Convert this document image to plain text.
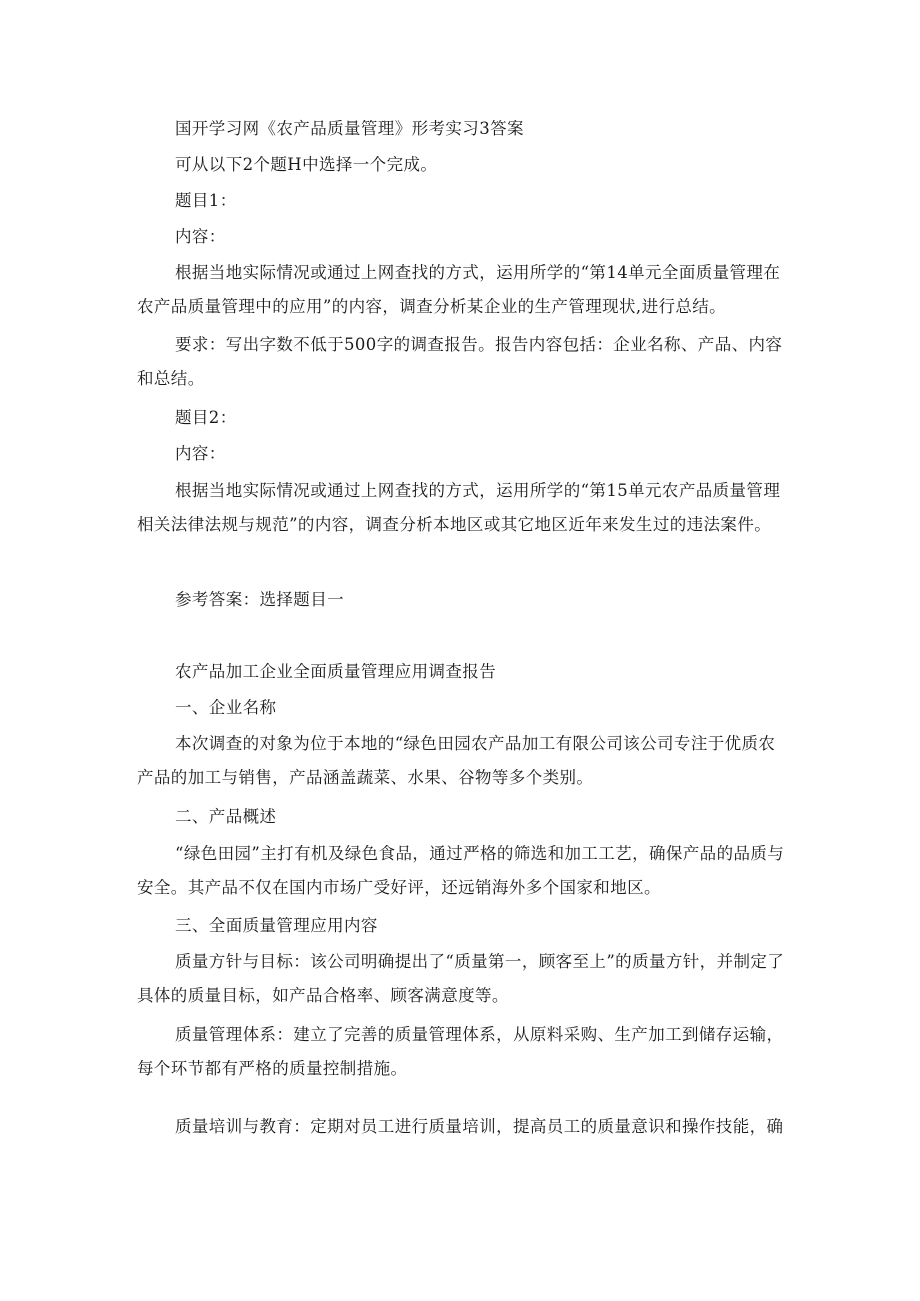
国开学习网《农产品质量管理》形考实习3答案

可从以下2个题H中选择一个完成。

题目1：

内容：

根据当地实际情况或通过上网查找的方式，运用所学的“第14单元全面质量管理在农产品质量管理中的应用”的内容，调查分析某企业的生产管理现状,进行总结。

要求：写出字数不低于500字的调查报告。报告内容包括：企业名称、产品、内容和总结。

题目2：

内容：

根据当地实际情况或通过上网查找的方式，运用所学的“第15单元农产品质量管理相关法律法规与规范”的内容，调查分析本地区或其它地区近年来发生过的违法案件。

参考答案：选择题目一

农产品加工企业全面质量管理应用调查报告

一、企业名称

本次调查的对象为位于本地的“绿色田园农产品加工有限公司该公司专注于优质农产品的加工与销售，产品涵盖蔬菜、水果、谷物等多个类别。

二、产品概述

“绿色田园”主打有机及绿色食品，通过严格的筛选和加工工艺，确保产品的品质与安全。其产品不仅在国内市场广受好评，还远销海外多个国家和地区。

三、全面质量管理应用内容

质量方针与目标：该公司明确提出了“质量第一，顾客至上”的质量方针，并制定了具体的质量目标，如产品合格率、顾客满意度等。

质量管理体系：建立了完善的质量管理体系，从原料采购、生产加工到储存运输，每个环节都有严格的质量控制措施。

质量培训与教育：定期对员工进行质量培训，提高员工的质量意识和操作技能，确
